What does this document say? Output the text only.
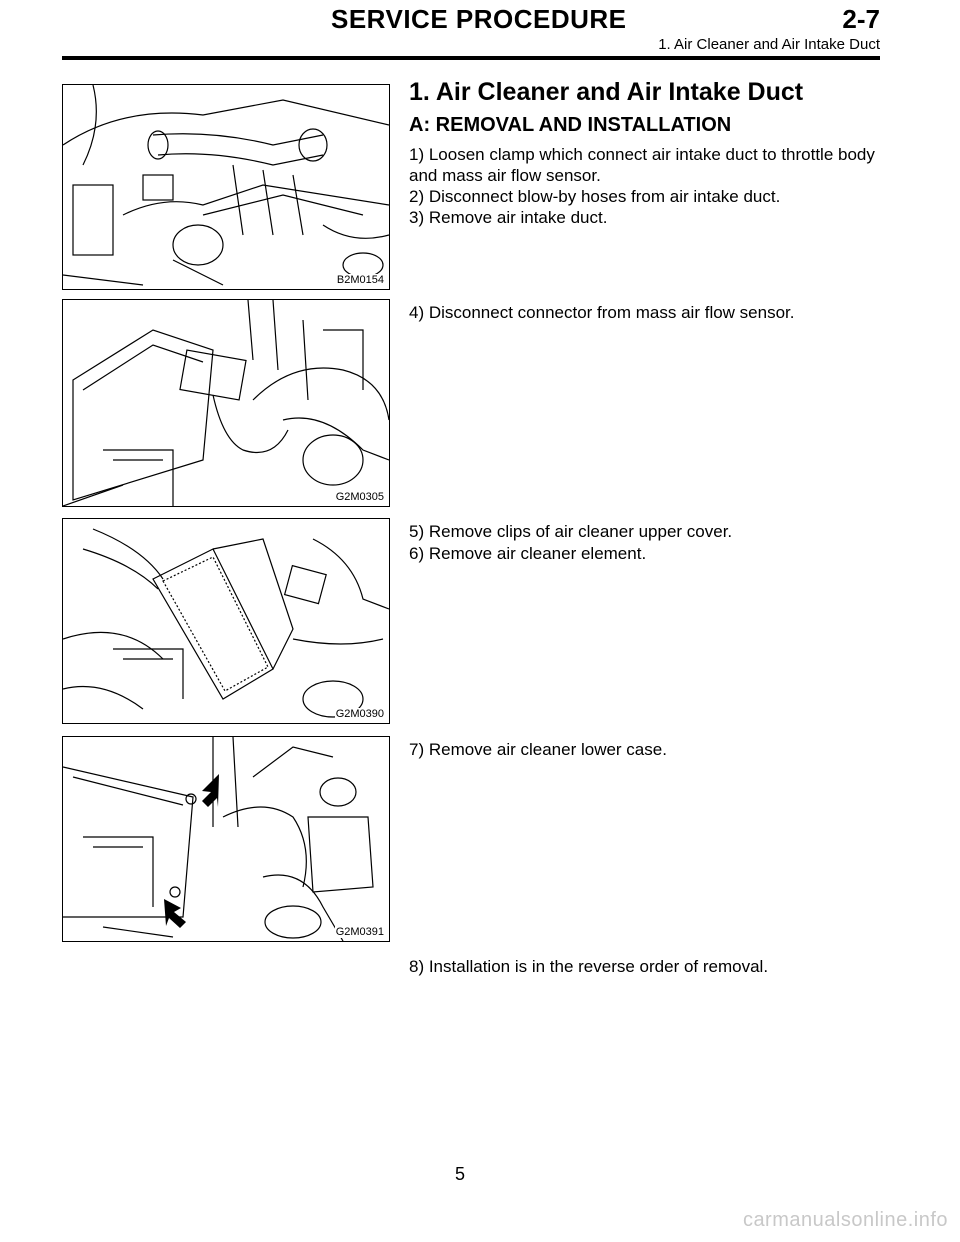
SERVICE PROCEDURE	2-7
1. Air Cleaner and Air Intake Duct
B2M0154
G2M0305
G2M0390
G2M0391
1. Air Cleaner and Air Intake Duct
A: REMOVAL AND INSTALLATION
1) Loosen clamp which connect air intake duct to throttle body and mass air flow sensor.
2) Disconnect blow-by hoses from air intake duct.
3) Remove air intake duct.
4) Disconnect connector from mass air flow sensor.
5) Remove clips of air cleaner upper cover.
6) Remove air cleaner element.
7) Remove air cleaner lower case.
8) Installation is in the reverse order of removal.
5
carmanualsonline.info
